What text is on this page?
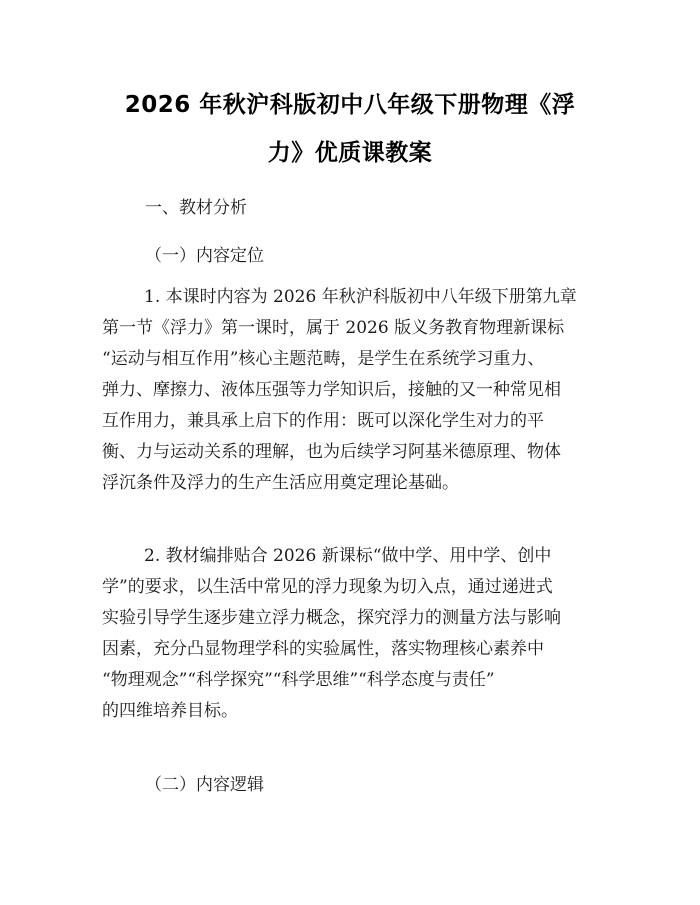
2026 年秋沪科版初中八年级下册物理《浮
力》优质课教案
一、教材分析
（一）内容定位
1. 本课时内容为 2026 年秋沪科版初中八年级下册第九章
第一节《浮力》第一课时，属于 2026 版义务教育物理新课标
“运动与相互作用”核心主题范畴，是学生在系统学习重力、
弹力、摩擦力、液体压强等力学知识后，接触的又一种常见相
互作用力，兼具承上启下的作用：既可以深化学生对力的平
衡、力与运动关系的理解，也为后续学习阿基米德原理、物体
浮沉条件及浮力的生产生活应用奠定理论基础。
2. 教材编排贴合 2026 新课标“做中学、用中学、创中
学”的要求，以生活中常见的浮力现象为切入点，通过递进式
实验引导学生逐步建立浮力概念，探究浮力的测量方法与影响
因素，充分凸显物理学科的实验属性，落实物理核心素养中
“物理观念”“科学探究”“科学思维”“科学态度与责任”
的四维培养目标。
（二）内容逻辑
